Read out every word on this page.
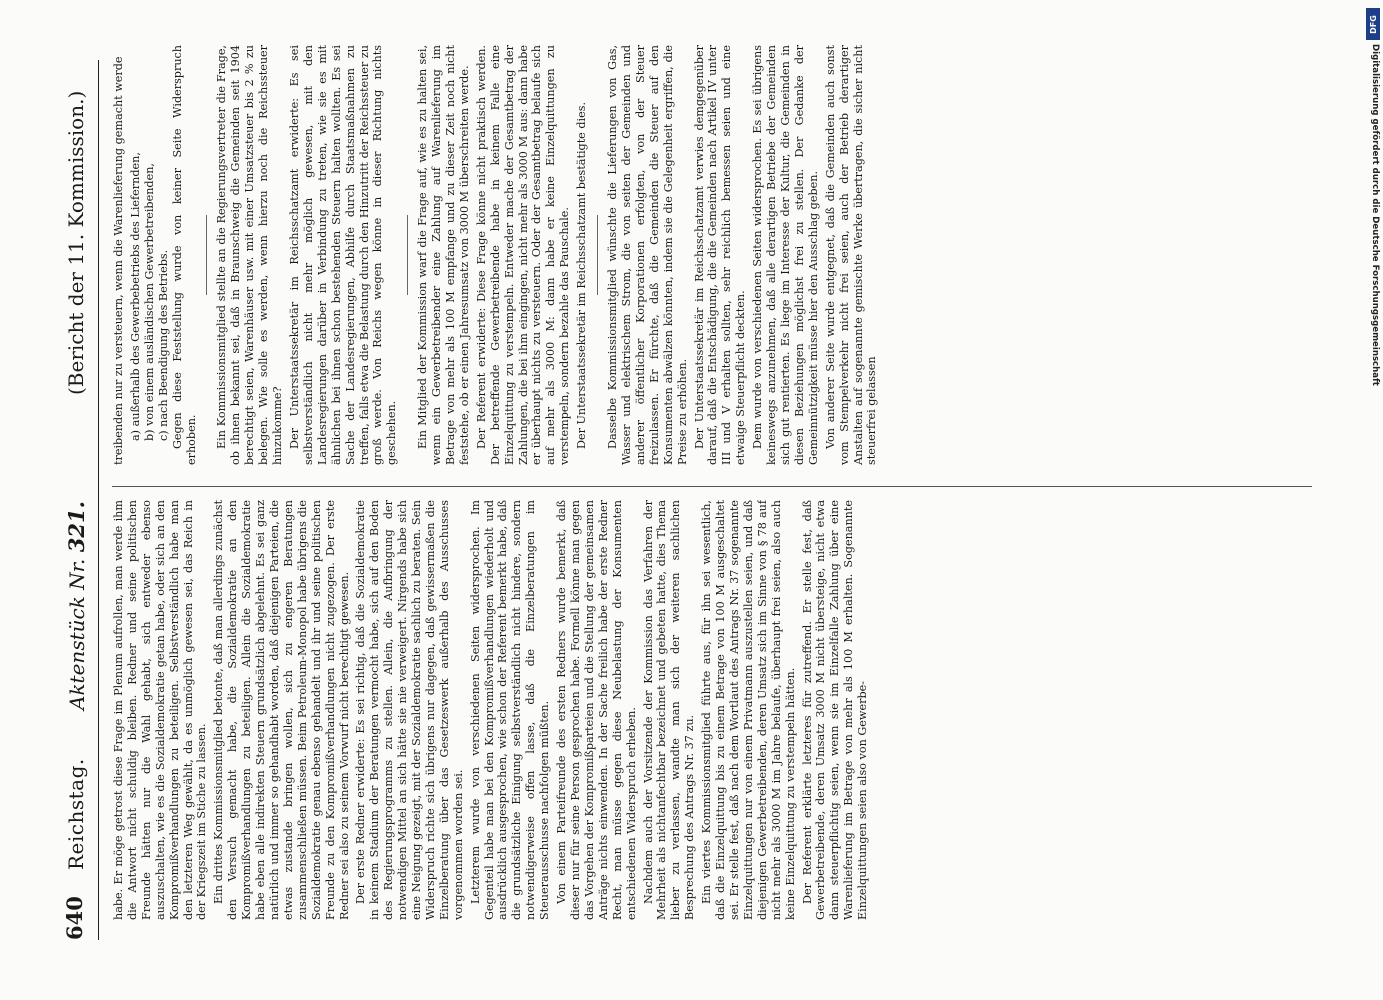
640
Reichstag.
Aktenstück Nr. 321.
(Bericht der 11. Kommission.)

habe. Er möge getrost diese Frage im Plenum aufrollen, man werde ihm die Antwort nicht schuldig bleiben. Redner und seine politischen Freunde hätten nur die Wahl gehabt, sich entweder ebenso auszuschalten, wie es die Sozialdemokratie getan habe, oder sich an den Kompromißverhandlungen zu beteiligen. Selbstverständlich habe man den letzteren Weg gewählt, da es unmöglich gewesen sei, das Reich in der Kriegszeit im Stiche zu lassen. Ein drittes Kommissionsmitglied betonte, daß man allerdings zunächst den Versuch gemacht habe, die Sozialdemokratie an den Kompromißverhandlungen zu beteiligen. Allein die Sozialdemokratie habe eben alle indirekten Steuern grundsätzlich abgelehnt. Es sei ganz natürlich und immer so gehandhabt worden, daß diejenigen Parteien, die etwas zustande bringen wollen, sich zu engeren Beratungen zusammenschließen müssen. Beim Petroleum-Monopol habe übrigens die Sozialdemokratie genau ebenso gehandelt und ihr und seine politischen Freunde zu den Kompromißverhandlungen nicht zugezogen. Der erste Redner sei also zu seinem Vorwurf nicht berechtigt gewesen. Der erste Redner erwiderte: Es sei richtig, daß die Sozialdemokratie in keinem Stadium der Beratungen vermocht habe, sich auf den Boden des Regierungsprogramms zu stellen. Allein, die Aufbringung der notwendigen Mittel an sich hätte sie nie verweigert. Nirgends habe sich eine Neigung gezeigt, mit der Sozialdemokratie sachlich zu beraten. Sein Widerspruch richte sich übrigens nur dagegen, daß gewissermaßen die Einzelberatung über das Gesetzeswerk außerhalb des Ausschusses vorgenommen worden sei. Letzterem wurde von verschiedenen Seiten widersprochen. Im Gegenteil habe man bei den Kompromißverhandlungen wiederholt und ausdrücklich ausgesprochen, wie schon der Referent bemerkt habe, daß die grundsätzliche Einigung selbstverständlich nicht hindere, sondern notwendigerweise offen lasse, daß die Einzelberatungen im Steuerausschusse nachfolgen müßten. Von einem Parteifreunde des ersten Redners wurde bemerkt, daß dieser nur für seine Person gesprochen habe. Formell könne man gegen das Vorgehen der Kompromißparteien und die Stellung der gemeinsamen Anträge nichts einwenden. In der Sache freilich habe der erste Redner Recht, man müsse gegen diese Neubelastung der Konsumenten entschiedenen Widerspruch erheben. Nachdem auch der Vorsitzende der Kommission das Verfahren der Mehrheit als nichtanfechtbar bezeichnet und gebeten hatte, dies Thema lieber zu verlassen, wandte man sich der weiteren sachlichen Besprechung des Antrags Nr. 37 zu. Ein viertes Kommissionsmitglied führte aus, für ihn sei wesentlich, daß die Einzelquittung bis zu einem Betrage von 100 M ausgeschaltet sei. Er stelle fest, daß nach dem Wortlaut des Antrags Nr. 37 sogenannte Einzelquittungen nur von einem Privatmann auszustellen seien, und daß diejenigen Gewerbetreibenden, deren Umsatz sich im Sinne von § 78 auf nicht mehr als 3000 M im Jahre belaufe, überhaupt frei seien, also auch keine Einzelquittung zu verstempeln hätten. Der Referent erklärte letzteres für zutreffend. Er stelle fest, daß Gewerbetreibende, deren Umsatz 3000 M nicht übersteige, nicht etwa dann steuerpflichtig seien, wenn sie im Einzelfalle Zahlung über eine Warenlieferung im Betrage von mehr als 100 M erhalten. Sogenannte Einzelquittungen seien also von Gewerbe-

treibenden nur zu versteuern, wenn die Warenlieferung gemacht werde a) außerhalb des Gewerbebetriebs des Liefernden, b) von einem ausländischen Gewerbetreibenden, c) nach Beendigung des Betriebs. Gegen diese Feststellung wurde von keiner Seite Widerspruch erhoben. Ein Kommissionsmitglied stellte an die Regierungsvertreter die Frage, ob ihnen bekannt sei, daß in Braunschweig die Gemeinden seit 1904 berechtigt seien, Warenhäuser usw. mit einer Umsatzsteuer bis 2 % zu belegen. Wie solle es werden, wenn hierzu noch die Reichssteuer hinzukomme? Der Unterstaatssekretär im Reichsschatzamt erwiderte: Es sei selbstverständlich nicht mehr möglich gewesen, mit den Landesregierungen darüber in Verbindung zu treten, wie sie es mit ähnlichen bei ihnen schon bestehenden Steuern halten wollten. Es sei Sache der Landesregierungen, Abhilfe durch Staatsmaßnahmen zu treffen, falls etwa die Belastung durch den Hinzutritt der Reichssteuer zu groß werde. Von Reichs wegen könne in dieser Richtung nichts geschehen. Ein Mitglied der Kommission warf die Frage auf, wie es zu halten sei, wenn ein Gewerbetreibender eine Zahlung auf Warenlieferung im Betrage von mehr als 100 M empfange und zu dieser Zeit noch nicht feststehe, ob er einen Jahresumsatz von 3000 M überschreiten werde. Der Referent erwiderte: Diese Frage könne nicht praktisch werden. Der betreffende Gewerbetreibende habe in keinem Falle eine Einzelquittung zu verstempeln. Entweder mache der Gesamtbetrag der Zahlungen, die bei ihm eingingen, nicht mehr als 3000 M aus: dann habe er überhaupt nichts zu versteuern. Oder der Gesamtbetrag belaufe sich auf mehr als 3000 M: dann habe er keine Einzelquittungen zu verstempeln, sondern bezahle das Pauschale. Der Unterstaatssekretär im Reichsschatzamt bestätigte dies. Dasselbe Kommissionsmitglied wünschte die Lieferungen von Gas, Wasser und elektrischem Strom, die von seiten der Gemeinden und anderer öffentlicher Korporationen erfolgten, von der Steuer freizulassen. Er fürchte, daß die Gemeinden die Steuer auf den Konsumenten abwälzen könnten, indem sie die Gelegenheit ergriffen, die Preise zu erhöhen. Der Unterstaatssekretär im Reichsschatzamt verwies demgegenüber darauf, daß die Entschädigung, die die Gemeinden nach Artikel IV unter III und V erhalten sollten, sehr reichlich bemessen seien und eine etwaige Steuerpflicht deckten. Dem wurde von verschiedenen Seiten widersprochen. Es sei übrigens keineswegs anzunehmen, daß alle derartigen Betriebe der Gemeinden sich gut rentierten. Es liege im Interesse der Kultur, die Gemeinden in diesen Beziehungen möglichst frei zu stellen. Der Gedanke der Gemeinnützigkeit müsse hier den Ausschlag geben. Von anderer Seite wurde entgegnet, daß die Gemeinden auch sonst vom Stempelverkehr nicht frei seien, auch der Betrieb derartiger Anstalten auf sogenannte gemischte Werke übertragen, die sicher nicht steuerfrei gelassen

DFG
Digitalisierung gefördert durch die Deutsche Forschungsgemeinschaft
